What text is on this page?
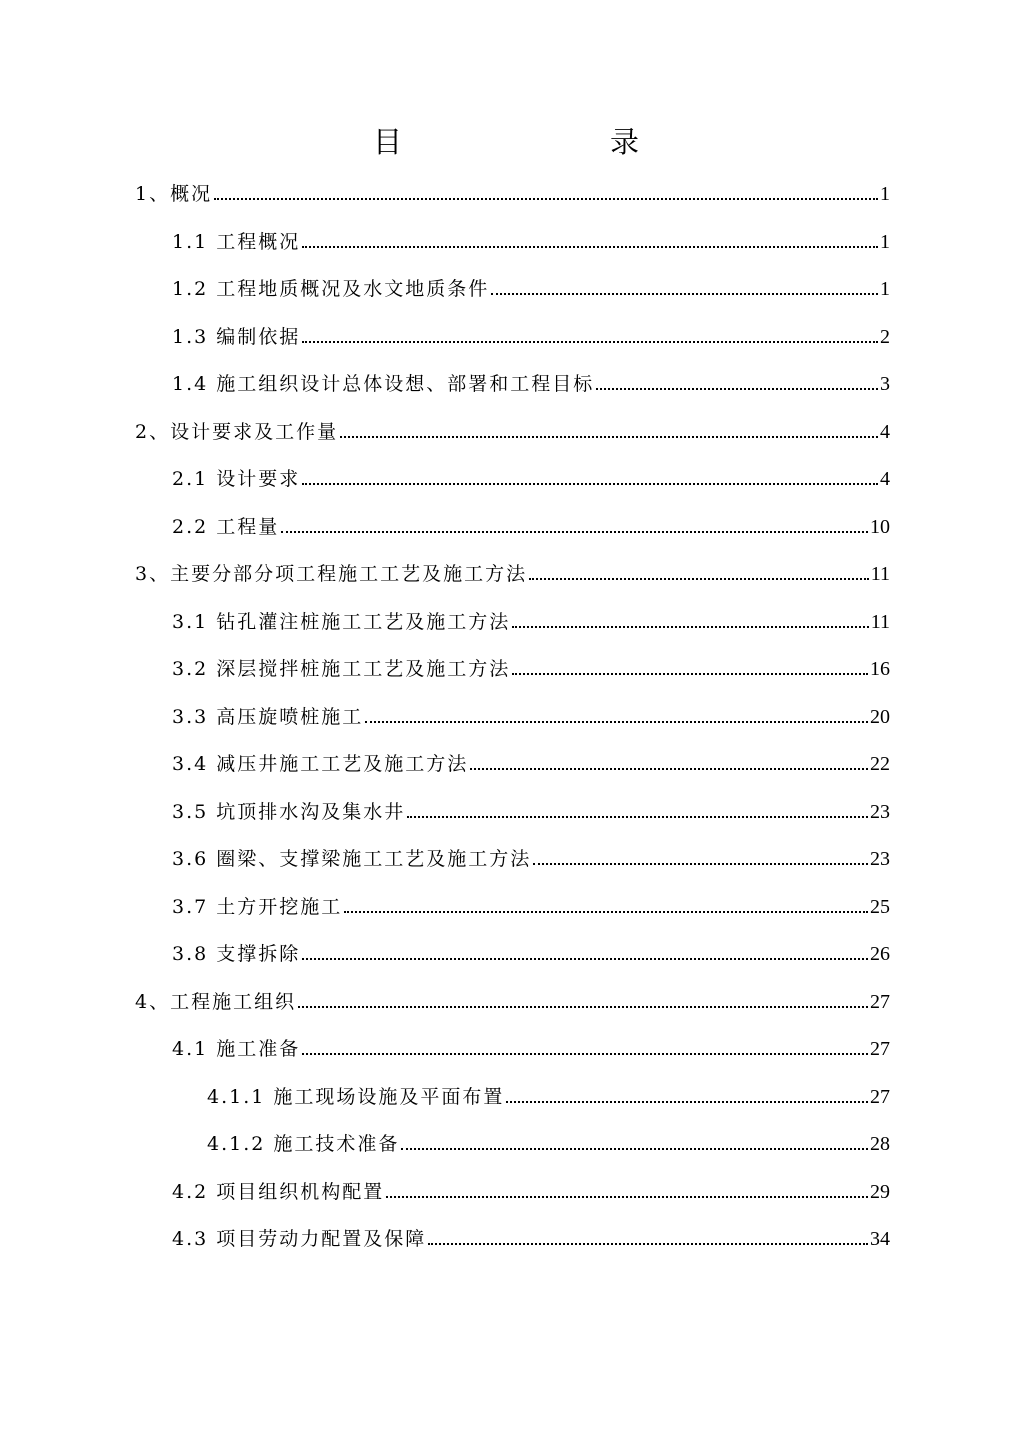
目　　录
1、概况	1
1.1 工程概况	1
1.2 工程地质概况及水文地质条件	1
1.3 编制依据	2
1.4 施工组织设计总体设想、部署和工程目标	3
2、设计要求及工作量	4
2.1 设计要求	4
2.2 工程量	10
3、主要分部分项工程施工工艺及施工方法	11
3.1 钻孔灌注桩施工工艺及施工方法	11
3.2 深层搅拌桩施工工艺及施工方法	16
3.3 高压旋喷桩施工	20
3.4 减压井施工工艺及施工方法	22
3.5 坑顶排水沟及集水井	23
3.6 圈梁、支撑梁施工工艺及施工方法	23
3.7 土方开挖施工	25
3.8 支撑拆除	26
4、工程施工组织	27
4.1 施工准备	27
4.1.1 施工现场设施及平面布置	27
4.1.2 施工技术准备	28
4.2 项目组织机构配置	29
4.3 项目劳动力配置及保障	34
